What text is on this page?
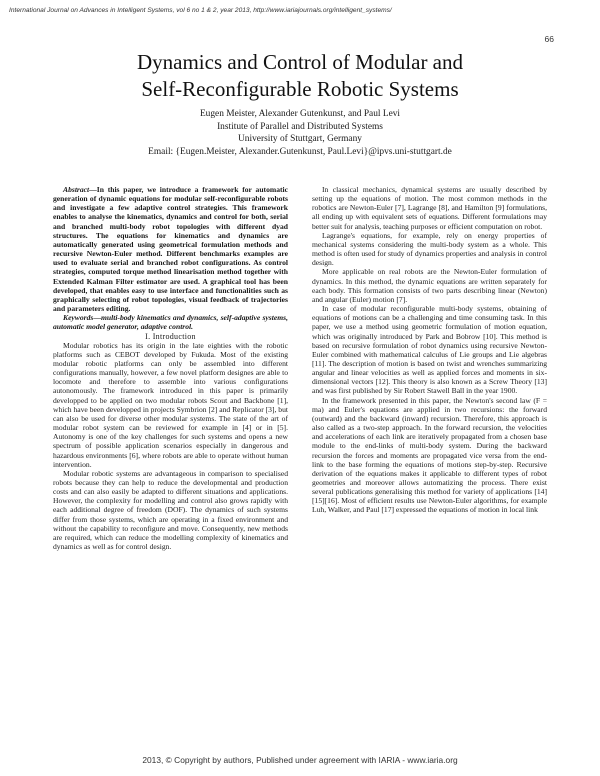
International Journal on Advances in Intelligent Systems, vol 6 no 1 & 2, year 2013, http://www.iariajournals.org/intelligent_systems/
66
Dynamics and Control of Modular and
Self-Reconfigurable Robotic Systems
Eugen Meister, Alexander Gutenkunst, and Paul Levi
Institute of Parallel and Distributed Systems
University of Stuttgart, Germany
Email: {Eugen.Meister, Alexander.Gutenkunst, Paul.Levi}@ipvs.uni-stuttgart.de

Abstract—In this paper, we introduce a framework for automatic generation of dynamic equations for modular self-reconfigurable robots and investigate a few adaptive control strategies. This framework enables to analyse the kinematics, dynamics and control for both, serial and branched multi-body robot topologies with different dyad structures. The equations for kinematics and dynamics are automatically generated using geometrical formulation methods and recursive Newton-Euler method. Different benchmarks examples are used to evaluate serial and branched robot configurations. As control strategies, computed torque method linearisation method together with Extended Kalman Filter estimator are used. A graphical tool has been developed, that enables easy to use interface and functionalities such as graphically selecting of robot topologies, visual feedback of trajectories and parameters editing.

Keywords—multi-body kinematics and dynamics, self-adaptive systems, automatic model generator, adaptive control.

I. Introduction

Modular robotics has its origin in the late eighties with the robotic platforms such as CEBOT developed by Fukuda. Most of the existing modular robotic platforms can only be assembled into different configurations manually, however, a few novel platform designes are able to locomote and therefore to assemble into various configurations autonomously. The framework introduced in this paper is primarily developped to be applied on two modular robots Scout and Backbone [1], which have been developped in projects Symbrion [2] and Replicator [3], but can also be used for diverse other modular systems. The state of the art of modular robot system can be reviewed for example in [4] or in [5]. Autonomy is one of the key challenges for such systems and opens a new spectrum of possible application scenarios especially in dangerous and hazardous environments [6], where robots are able to operate without human intervention.

Modular robotic systems are advantageous in comparison to specialised robots because they can help to reduce the developmental and production costs and can also easily be adapted to different situations and applications. However, the complexity for modelling and control also grows rapidly with each additional degree of freedom (DOF). The dynamics of such systems differ from those systems, which are operating in a fixed environment and without the capability to reconfigure and move. Consequently, new methods are required, which can reduce the modelling complexity of kinematics and dynamics as well as for control design.

In classical mechanics, dynamical systems are usually described by setting up the equations of motion. The most common methods in the robotics are Newton-Euler [7], Lagrange [8], and Hamilton [9] formulations, all ending up with equivalent sets of equations. Different formulations may better suit for analysis, teaching purposes or efficient computation on robot.

Lagrange's equations, for example, rely on energy properties of mechanical systems considering the multi-body system as a whole. This method is often used for study of dynamics properties and analysis in control design.

More applicable on real robots are the Newton-Euler formulation of dynamics. In this method, the dynamic equations are written separately for each body. This formation consists of two parts describing linear (Newton) and angular (Euler) motion [7].

In case of modular reconfigurable multi-body systems, obtaining of equations of motions can be a challenging and time consuming task. In this paper, we use a method using geometric formulation of motion equation, which was originally introduced by Park and Bobrow [10]. This method is based on recursive formulation of robot dynamics using recursive Newton-Euler combined with mathematical calculus of Lie groups and Lie algebras [11]. The description of motion is based on twist and wrenches summarizing angular and linear velocities as well as applied forces and moments in six-dimensional vectors [12]. This theory is also known as a Screw Theory [13] and was first published by Sir Robert Stawell Ball in the year 1900.

In the framework presented in this paper, the Newton's second law (F = ma) and Euler's equations are applied in two recursions: the forward (outward) and the backward (inward) recursion. Therefore, this approach is also called as a two-step approach. In the forward recursion, the velocities and accelerations of each link are iteratively propagated from a chosen base module to the end-links of multi-body system. During the backward recursion the forces and moments are propagated vice versa from the end-link to the base forming the equations of motions step-by-step. Recursive derivation of the equations makes it applicable to different types of robot geometries and moreover allows automatizing the process. There exist several publications generalising this method for variety of applications [14][15][16]. Most of efficient results use Newton-Euler algorithms, for example Luh, Walker, and Paul [17] expressed the equations of motion in local link

2013, © Copyright by authors, Published under agreement with IARIA - www.iaria.org
